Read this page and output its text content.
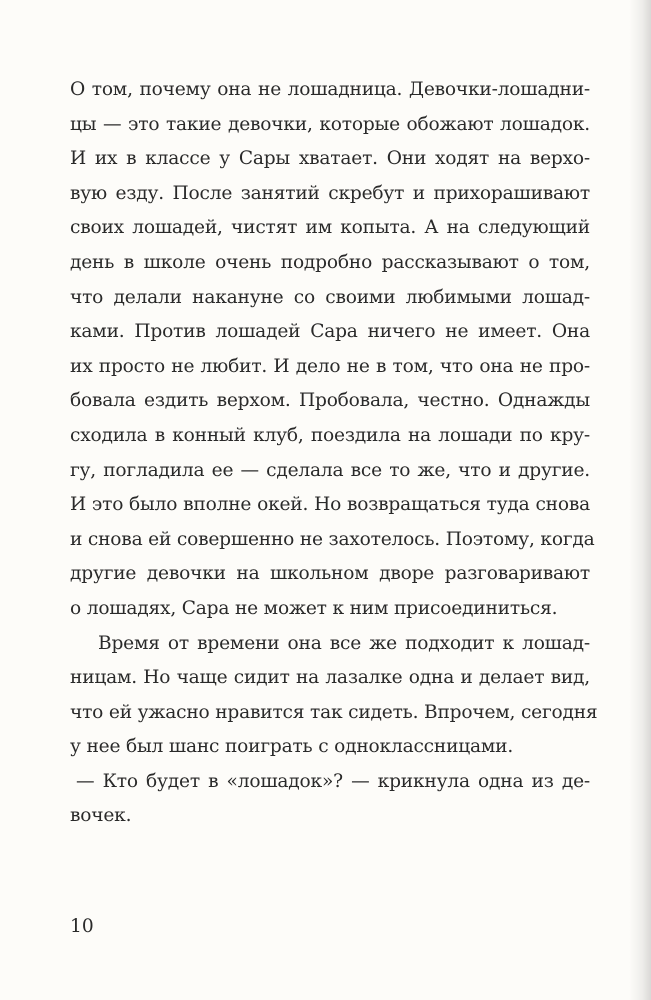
О том, почему она не лошадница. Девочки-лошадни-
цы — это такие девочки, которые обожают лошадок.
И их в классе у Сары хватает. Они ходят на верхо-
вую езду. После занятий скребут и прихорашивают
своих лошадей, чистят им копыта. А на следующий
день в школе очень подробно рассказывают о том,
что делали накануне со своими любимыми лошад-
ками. Против лошадей Сара ничего не имеет. Она
их просто не любит. И дело не в том, что она не про-
бовала ездить верхом. Пробовала, честно. Однажды
сходила в конный клуб, поездила на лошади по кру-
гу, погладила ее — сделала все то же, что и другие.
И это было вполне окей. Но возвращаться туда снова
и снова ей совершенно не захотелось. Поэтому, когда
другие девочки на школьном дворе разговаривают
о лошадях, Сара не может к ним присоединиться.
Время от времени она все же подходит к лошад-
ницам. Но чаще сидит на лазалке одна и делает вид,
что ей ужасно нравится так сидеть. Впрочем, сегодня
у нее был шанс поиграть с одноклассницами.
— Кто будет в «лошадок»? — крикнула одна из де-
вочек.
10
